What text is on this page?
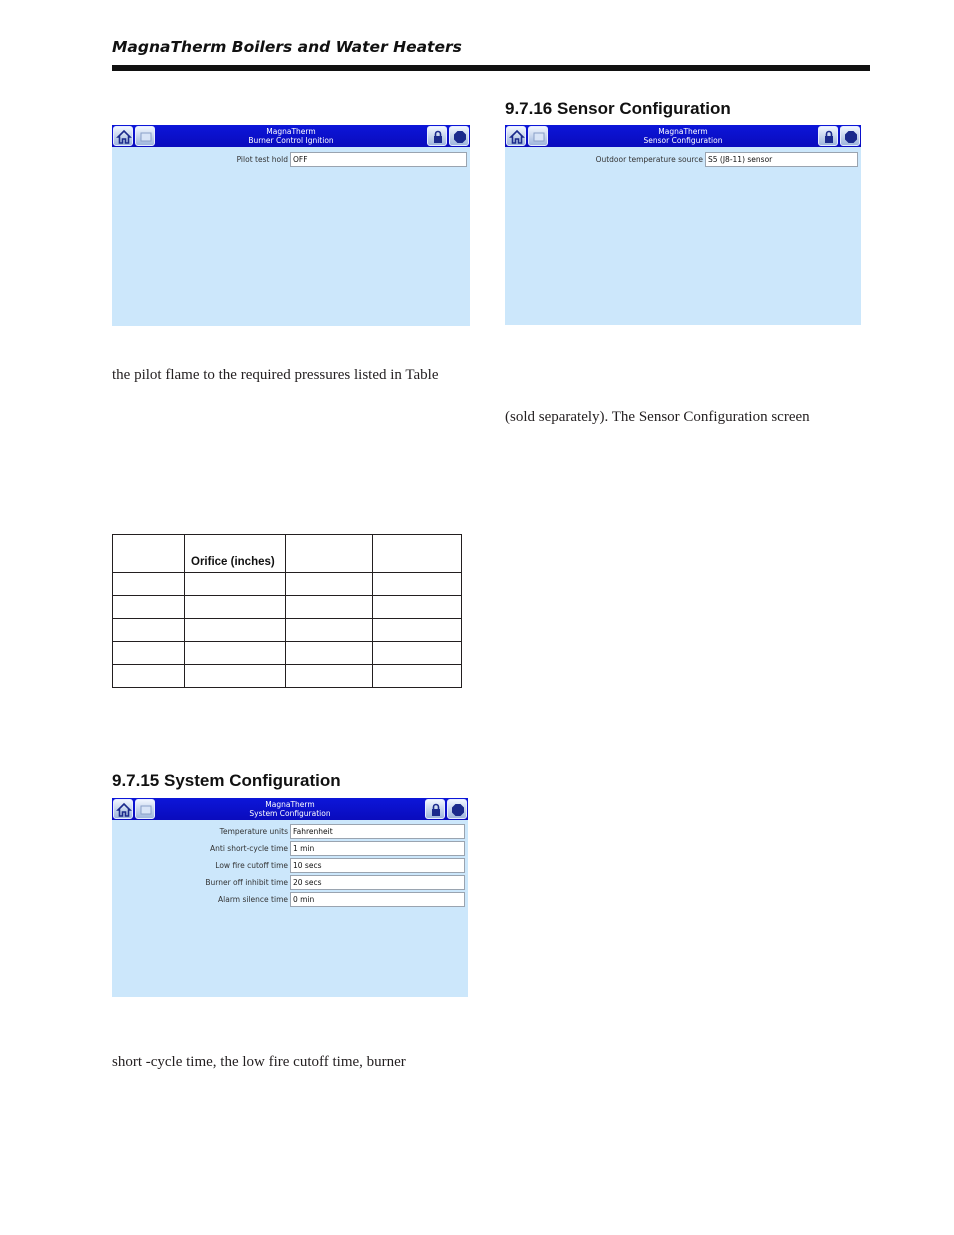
MagnaTherm Boilers and Water Heaters
MagnaTherm
Burner Control Ignition
Pilot test hold OFF
the pilot flame to the required pressures listed in Table

	Orifice (inches)		

9.7.15 System Configuration
MagnaTherm
System Configuration
Temperature units Fahrenheit
Anti short-cycle time 1 min
Low fire cutoff time 10 secs
Burner off inhibit time 20 secs
Alarm silence time 0 min
short -cycle time, the low fire cutoff time, burner
9.7.16 Sensor Configuration
MagnaTherm
Sensor Configuration
Outdoor temperature source S5 (J8-11) sensor
(sold separately). The Sensor Configuration screen
